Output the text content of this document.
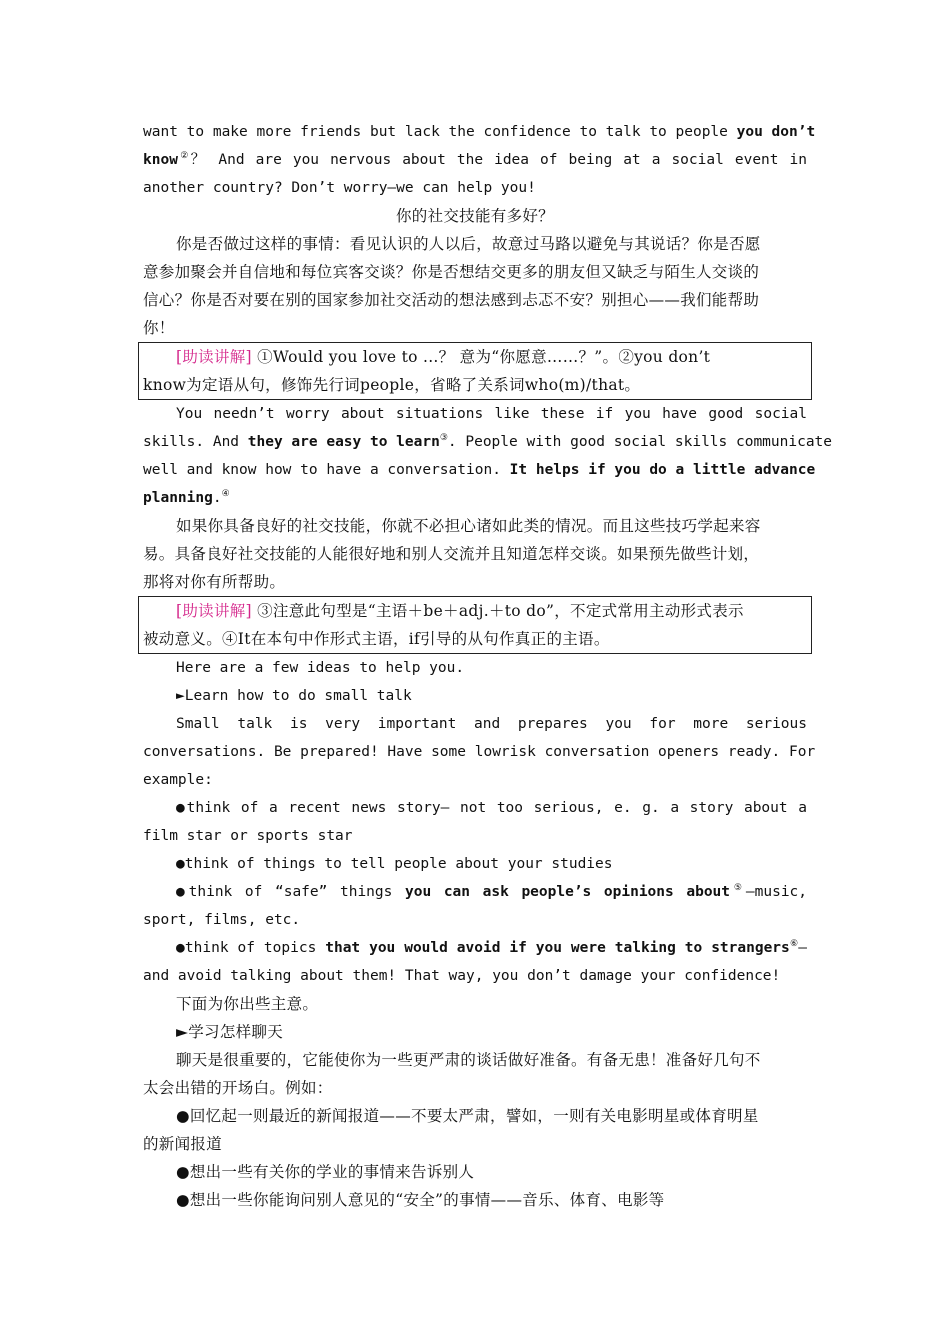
want to make more friends but lack the confidence to talk to people you don’t
know②？ And are you nervous about the idea of being at a social event in
another country? Don’t worry—we can help you!
你的社交技能有多好？
你是否做过这样的事情：看见认识的人以后，故意过马路以避免与其说话？你是否愿
意参加聚会并自信地和每位宾客交谈？你是否想结交更多的朋友但又缺乏与陌生人交谈的
信心？你是否对要在别的国家参加社交活动的想法感到忐忑不安？别担心——我们能帮助
你！
[助读讲解] ①Would you love to ...？ 意为“你愿意……？”。②you don’t
know为定语从句，修饰先行词people，省略了关系词who(m)/that。
You needn’t worry about situations like these if you have good social
skills. And they are easy to learn③. People with good social skills communicate
well and know how to have a conversation. It helps if you do a little advance
planning.④
如果你具备良好的社交技能，你就不必担心诸如此类的情况。而且这些技巧学起来容
易。具备良好社交技能的人能很好地和别人交流并且知道怎样交谈。如果预先做些计划，
那将对你有所帮助。
[助读讲解] ③注意此句型是“主语＋be＋adj.＋to do”，不定式常用主动形式表示
被动意义。④It在本句中作形式主语，if引导的从句作真正的主语。
Here are a few ideas to help you.
►Learn how to do small talk
Small talk is very important and prepares you for more serious
conversations. Be prepared! Have some lowrisk conversation openers ready. For
example:
●think of a recent news story— not too serious, e. g. a story about a
film star or sports star
●think of things to tell people about your studies
●think of “safe” things you can ask people’s opinions about⑤—music,
sport, films, etc.
●think of topics that you would avoid if you were talking to strangers⑥—
and avoid talking about them! That way, you don’t damage your confidence!
下面为你出些主意。
►学习怎样聊天
聊天是很重要的，它能使你为一些更严肃的谈话做好准备。有备无患！准备好几句不
太会出错的开场白。例如：
●回忆起一则最近的新闻报道——不要太严肃，譬如，一则有关电影明星或体育明星
的新闻报道
●想出一些有关你的学业的事情来告诉别人
●想出一些你能询问别人意见的“安全”的事情——音乐、体育、电影等
